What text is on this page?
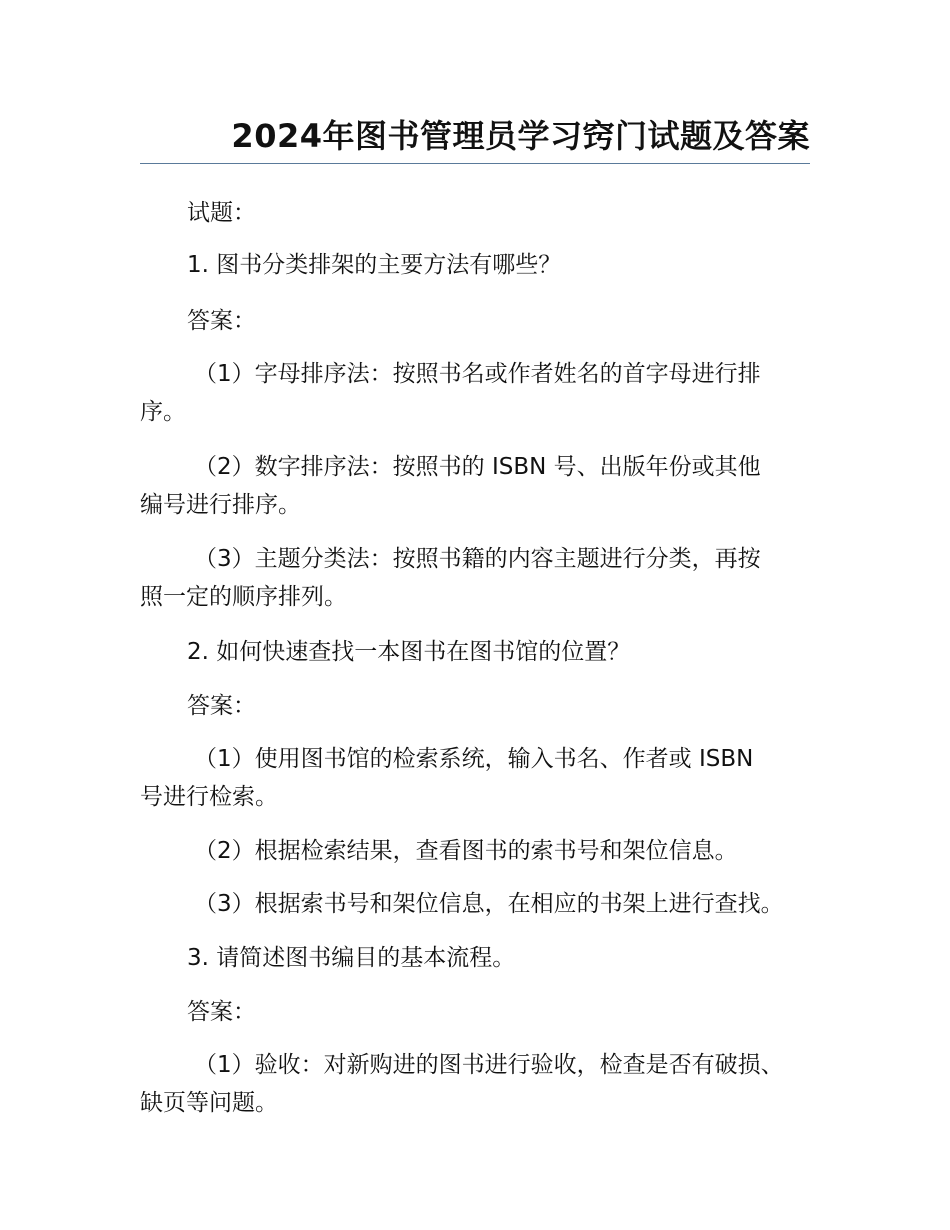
2024年图书管理员学习窍门试题及答案

试题：

1. 图书分类排架的主要方法有哪些？

答案：

（1）字母排序法：按照书名或作者姓名的首字母进行排

序。

（2）数字排序法：按照书的 ISBN 号、出版年份或其他

编号进行排序。

（3）主题分类法：按照书籍的内容主题进行分类，再按

照一定的顺序排列。

2. 如何快速查找一本图书在图书馆的位置？

答案：

（1）使用图书馆的检索系统，输入书名、作者或 ISBN

号进行检索。

（2）根据检索结果，查看图书的索书号和架位信息。

（3）根据索书号和架位信息，在相应的书架上进行查找。

3. 请简述图书编目的基本流程。

答案：

（1）验收：对新购进的图书进行验收，检查是否有破损、

缺页等问题。
